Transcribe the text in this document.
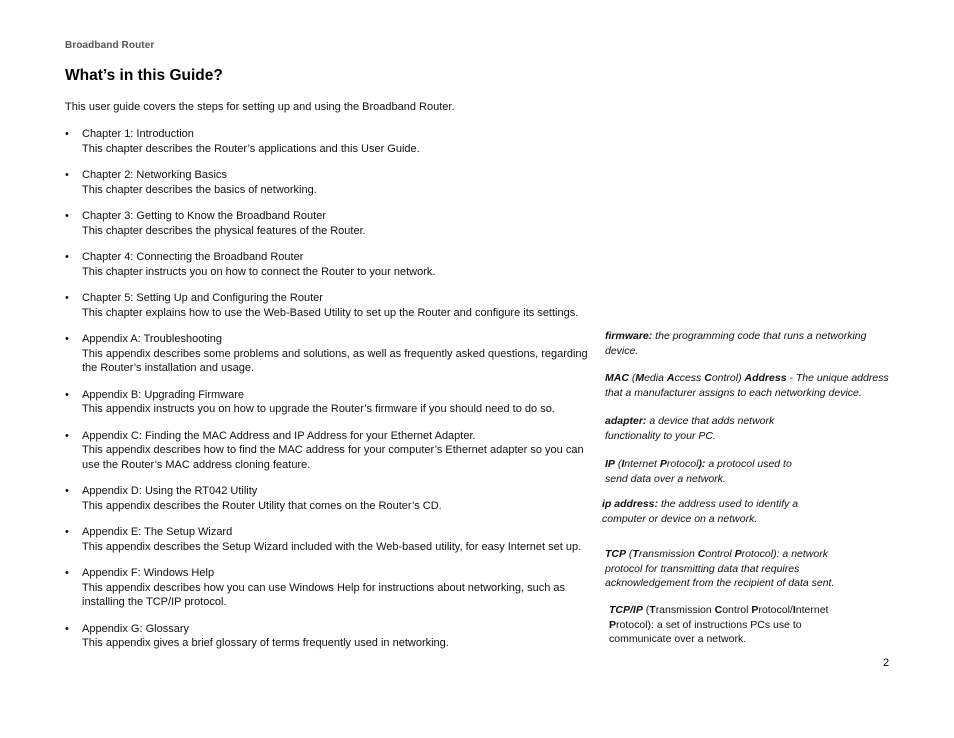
Broadband Router
What’s in this Guide?
This user guide covers the steps for setting up and using the Broadband Router.
• Chapter 1: Introduction
This chapter describes the Router’s applications and this User Guide.
• Chapter 2: Networking Basics
This chapter describes the basics of networking.
• Chapter 3: Getting to Know the Broadband Router
This chapter describes the physical features of the Router.
• Chapter 4: Connecting the Broadband Router
This chapter instructs you on how to connect the Router to your network.
• Chapter 5: Setting Up and Configuring the Router
This chapter explains how to use the Web-Based Utility to set up the Router and configure its settings.
• Appendix A: Troubleshooting
This appendix describes some problems and solutions, as well as frequently asked questions, regarding the Router’s installation and usage.
• Appendix B: Upgrading Firmware
This appendix instructs you on how to upgrade the Router’s firmware if you should need to do so.
• Appendix C: Finding the MAC Address and IP Address for your Ethernet Adapter.
This appendix describes how to find the MAC address for your computer’s Ethernet adapter so you can use the Router’s MAC address cloning feature.
• Appendix D: Using the RT042 Utility
This appendix describes the Router Utility that comes on the Router’s CD.
• Appendix E: The Setup Wizard
This appendix describes the Setup Wizard included with the Web-based utility, for easy Internet set up.
• Appendix F: Windows Help
This appendix describes how you can use Windows Help for instructions about networking, such as installing the TCP/IP protocol.
• Appendix G: Glossary
This appendix gives a brief glossary of terms frequently used in networking.
firmware: the programming code that runs a networking device.
MAC (Media Access Control) Address - The unique address that a manufacturer assigns to each networking device.
adapter: a device that adds network functionality to your PC.
IP (Internet Protocol): a protocol used to send data over a network.
ip address: the address used to identify a computer or device on a network.
TCP (Transmission Control Protocol): a network protocol for transmitting data that requires acknowledgement from the recipient of data sent.
TCP/IP (Transmission Control Protocol/Internet Protocol): a set of instructions PCs use to communicate over a network.
2
